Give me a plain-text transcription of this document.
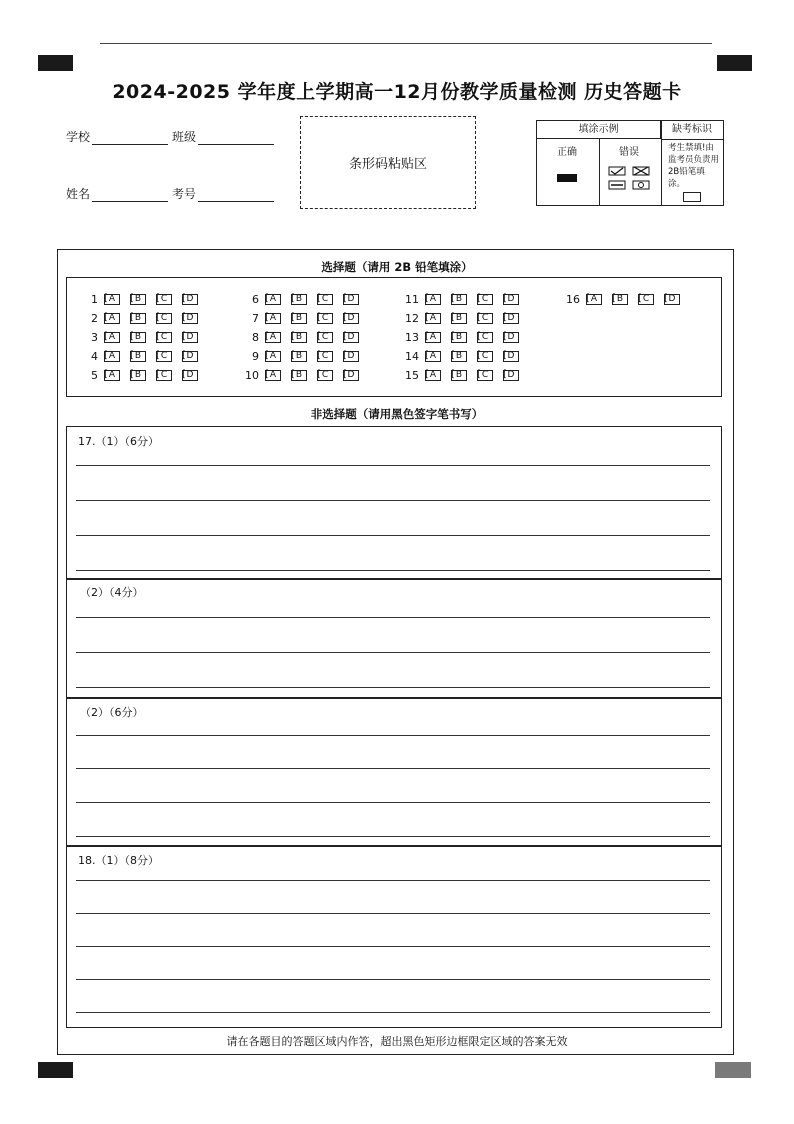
2024-2025 学年度上学期高一12月份教学质量检测 历史答题卡
学校	班级
姓名	考号
条形码粘贴区
填涂示例
正确	错误
缺考标识
考生禁填!由监考员负责用2B铅笔填涂。
选择题（请用 2B 铅笔填涂）
1	[ A	[ B	[ C	[ D
2	[ A	[ B	[ C	[ D
3	[ A	[ B	[ C	[ D
4	[ A	[ B	[ C	[ D
5	[ A	[ B	[ C	[ D
6	[ A	[ B	[ C	[ D
7	[ A	[ B	[ C	[ D
8	[ A	[ B	[ C	[ D
9	[ A	[ B	[ C	[ D
10	[ A	[ B	[ C	[ D
11	[ A	[ B	[ C	[ D
12	[ A	[ B	[ C	[ D
13	[ A	[ B	[ C	[ D
14	[ A	[ B	[ C	[ D
15	[ A	[ B	[ C	[ D
16	[ A	[ B	[ C	[ D
非选择题（请用黑色签字笔书写）
17.（1）（6分）
（2）（4分）
（2）（6分）
18.（1）（8分）
请在各题目的答题区域内作答，超出黑色矩形边框限定区域的答案无效
